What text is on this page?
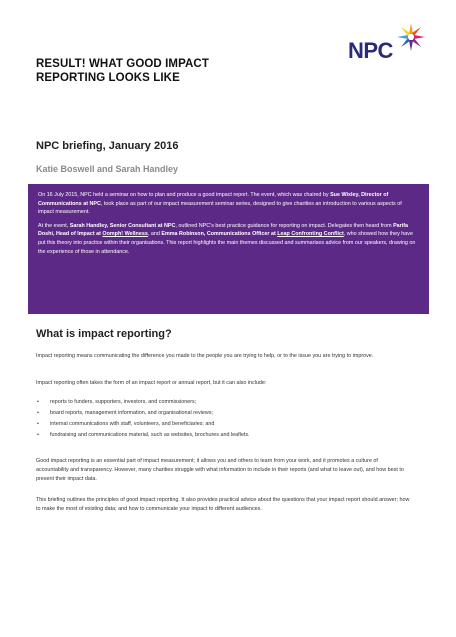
RESULT! WHAT GOOD IMPACT
REPORTING LOOKS LIKE
NPC
NPC briefing, January 2016
Katie Boswell and Sarah Handley

On 16 July 2015, NPC held a seminar on how to plan and produce a good impact report. The event, which was chaired by Sue Wixley, Director of Communications at NPC, took place as part of our impact measurement seminar series, designed to give charities an introduction to various aspects of impact measurement.

At the event, Sarah Handley, Senior Consultant at NPC, outlined NPC's best practice guidance for reporting on impact. Delegates then heard from Parifa Doshi, Head of Impact at Oomph! Wellness, and Emma Robinson, Communications Officer at Leap Confronting Conflict, who showed how they have put this theory into practice within their organisations. This report highlights the main themes discussed and summarises advice from our speakers, drawing on the experience of those in attendance.

What is impact reporting?

Impact reporting means communicating the difference you made to the people you are trying to help, or to the issue you are trying to improve.

Impact reporting often takes the form of an impact report or annual report, but it can also include:

• reports to funders, supporters, investors, and commissioners;
• board reports, management information, and organisational reviews;
• internal communications with staff, volunteers, and beneficiaries; and
• fundraising and communications material, such as websites, brochures and leaflets.

Good impact reporting is an essential part of impact measurement; it allows you and others to learn from your work, and it promotes a culture of accountability and transparency. However, many charities struggle with what information to include in their reports (and what to leave out), and how best to present their impact data.

This briefing outlines the principles of good impact reporting. It also provides practical advice about the questions that your impact report should answer; how to make the most of existing data; and how to communicate your impact to different audiences.
